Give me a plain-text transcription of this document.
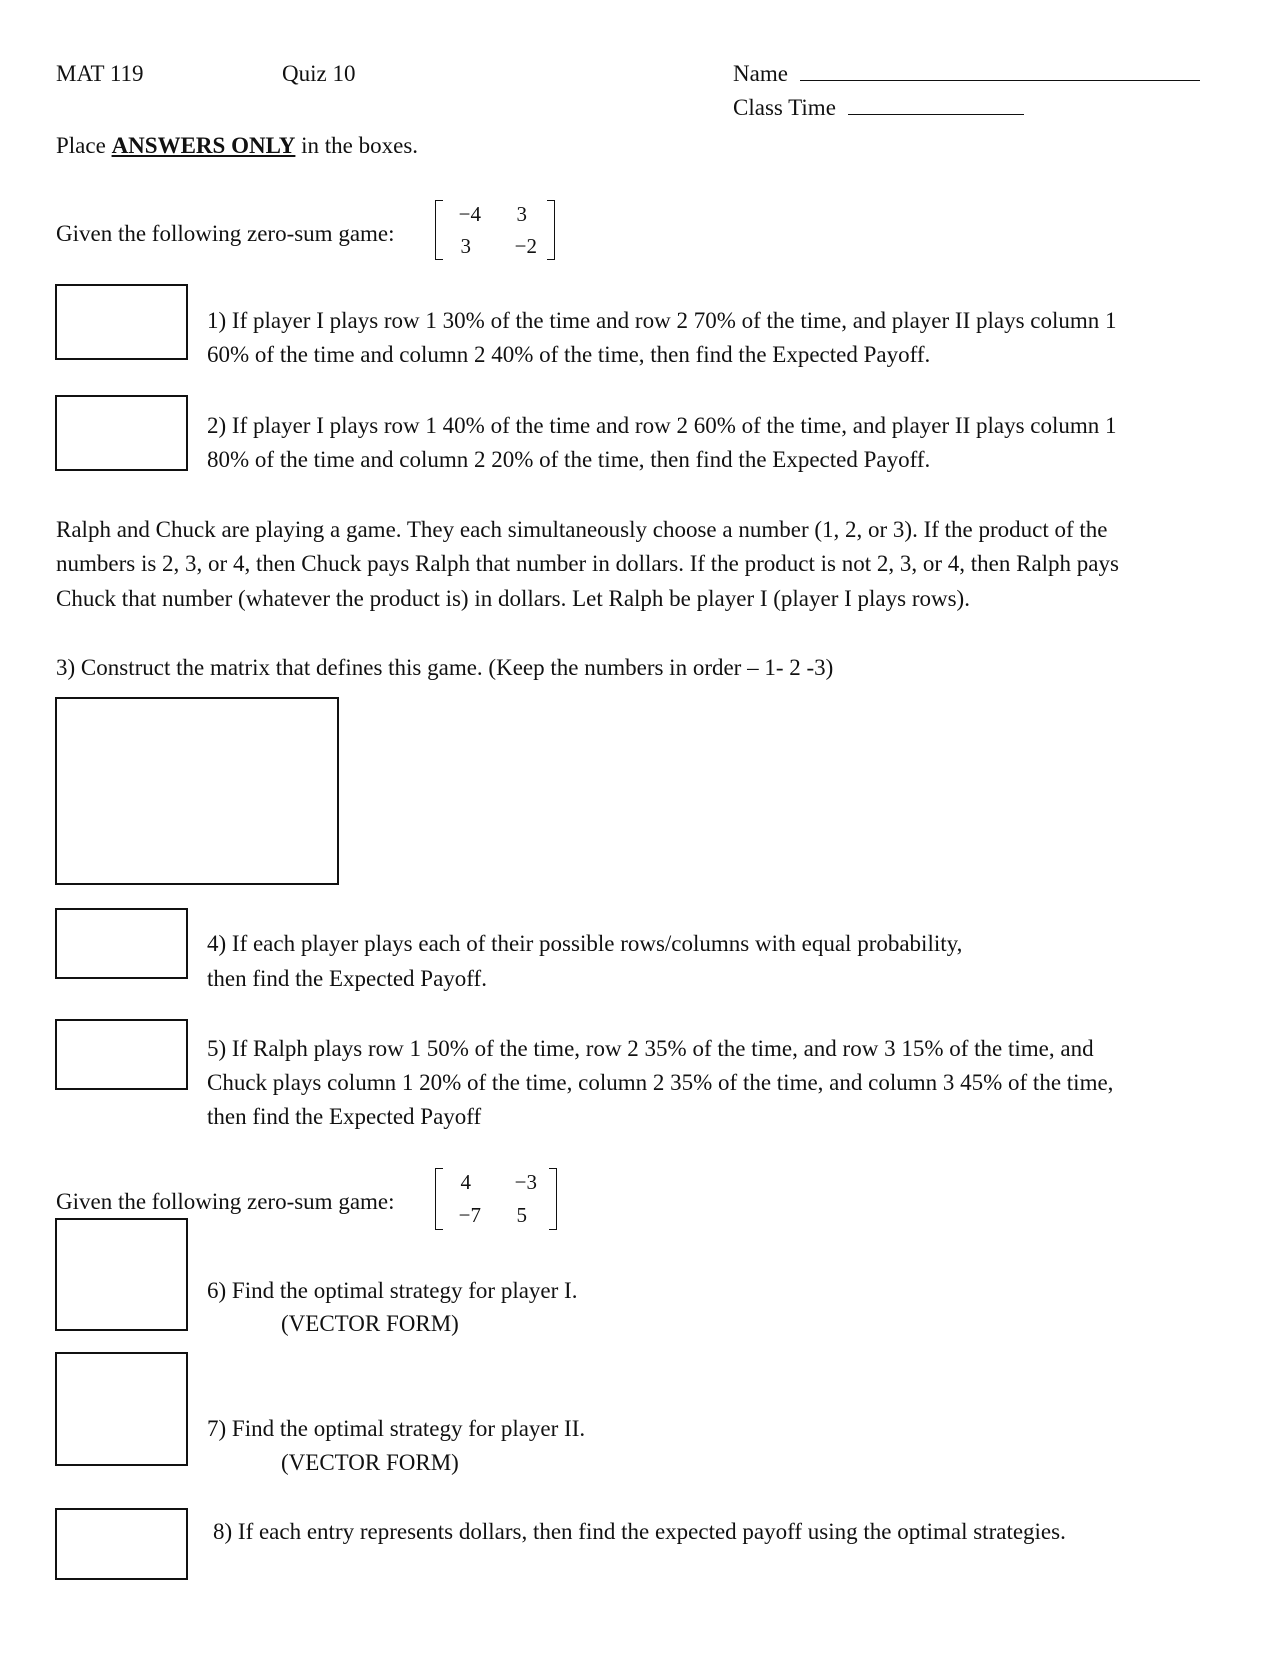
MAT 119	Quiz 10	Name
Class Time
Place ANSWERS ONLY in the boxes.
Given the following zero-sum game:
−4	3
3	−2
1) If player I plays row 1 30% of the time and row 2 70% of the time, and player II plays column 1
60% of the time and column 2 40% of the time, then find the Expected Payoff.
2) If player I plays row 1 40% of the time and row 2 60% of the time, and player II plays column 1
80% of the time and column 2 20% of the time, then find the Expected Payoff.
Ralph and Chuck are playing a game. They each simultaneously choose a number (1, 2, or 3). If the product of the
numbers is 2, 3, or 4, then Chuck pays Ralph that number in dollars. If the product is not 2, 3, or 4, then Ralph pays
Chuck that number (whatever the product is) in dollars. Let Ralph be player I (player I plays rows).
3) Construct the matrix that defines this game. (Keep the numbers in order – 1- 2 -3)
4) If each player plays each of their possible rows/columns with equal probability,
then find the Expected Payoff.
5) If Ralph plays row 1 50% of the time, row 2 35% of the time, and row 3 15% of the time, and
Chuck plays column 1 20% of the time, column 2 35% of the time, and column 3 45% of the time,
then find the Expected Payoff
Given the following zero-sum game:
4	−3
−7	5
6) Find the optimal strategy for player I.
(VECTOR FORM)
7) Find the optimal strategy for player II.
(VECTOR FORM)
8) If each entry represents dollars, then find the expected payoff using the optimal strategies.
